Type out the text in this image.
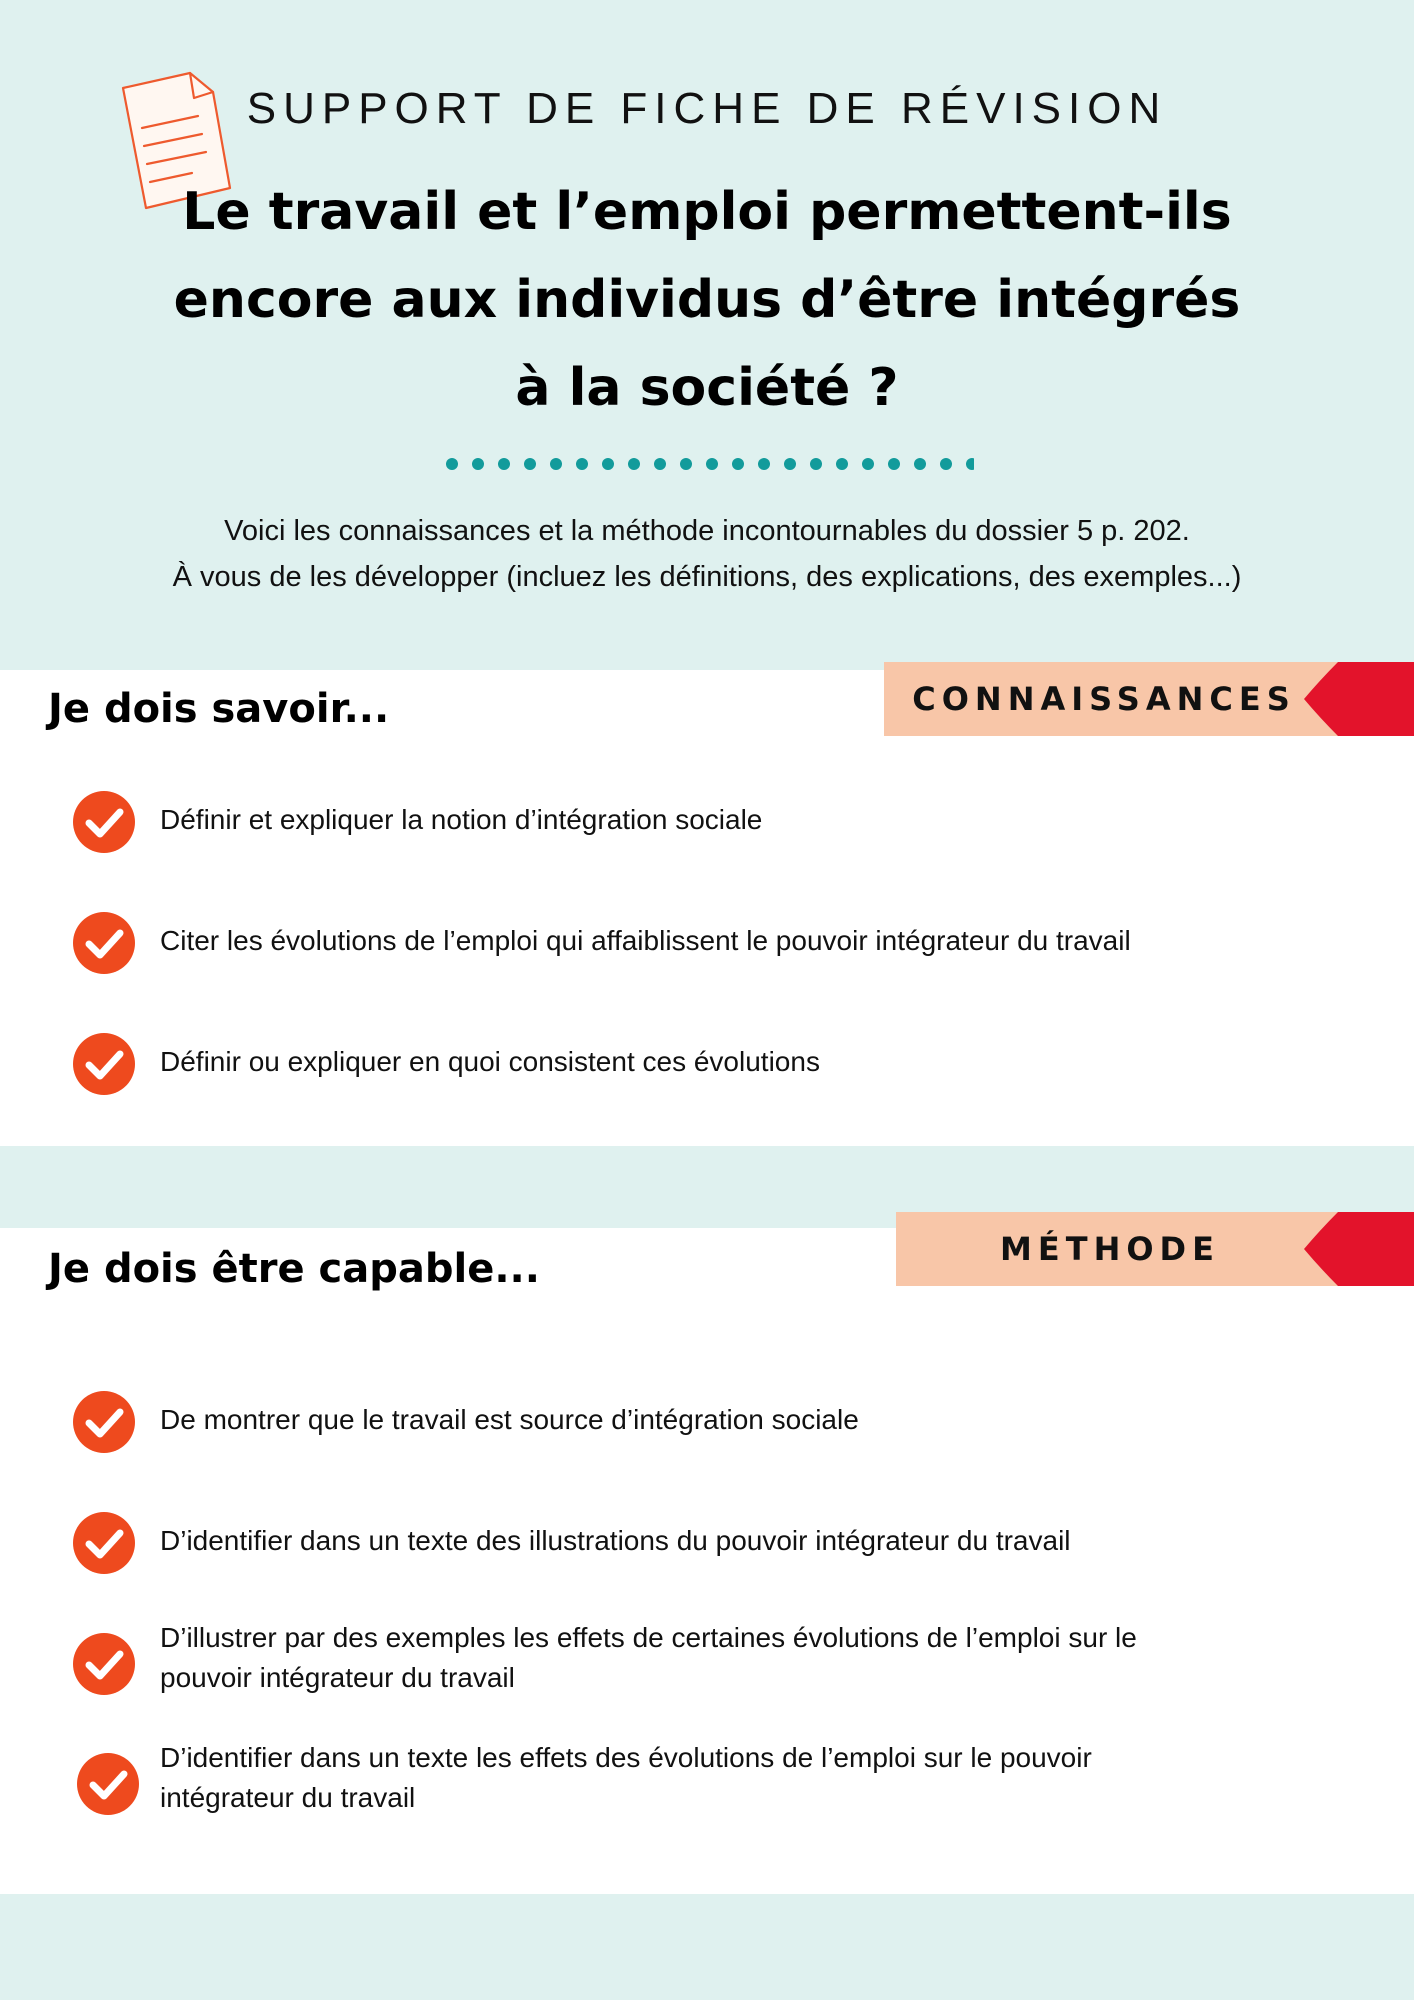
SUPPORT DE FICHE DE RÉVISION
Le travail et l’emploi permettent-ils
encore aux individus d’être intégrés
à la société ?
Voici les connaissances et la méthode incontournables du dossier 5 p. 202.
À vous de les développer (incluez les définitions, des explications, des exemples...)
CONNAISSANCES
Je dois savoir...
Définir et expliquer la notion d’intégration sociale
Citer les évolutions de l’emploi qui affaiblissent le pouvoir intégrateur du travail
Définir ou expliquer en quoi consistent ces évolutions
MÉTHODE
Je dois être capable...
De montrer que le travail est source d’intégration sociale
D’identifier dans un texte des illustrations du pouvoir intégrateur du travail
D’illustrer par des exemples les effets de certaines évolutions de l’emploi sur le
pouvoir intégrateur du travail
D’identifier dans un texte les effets des évolutions de l’emploi sur le pouvoir
intégrateur du travail
